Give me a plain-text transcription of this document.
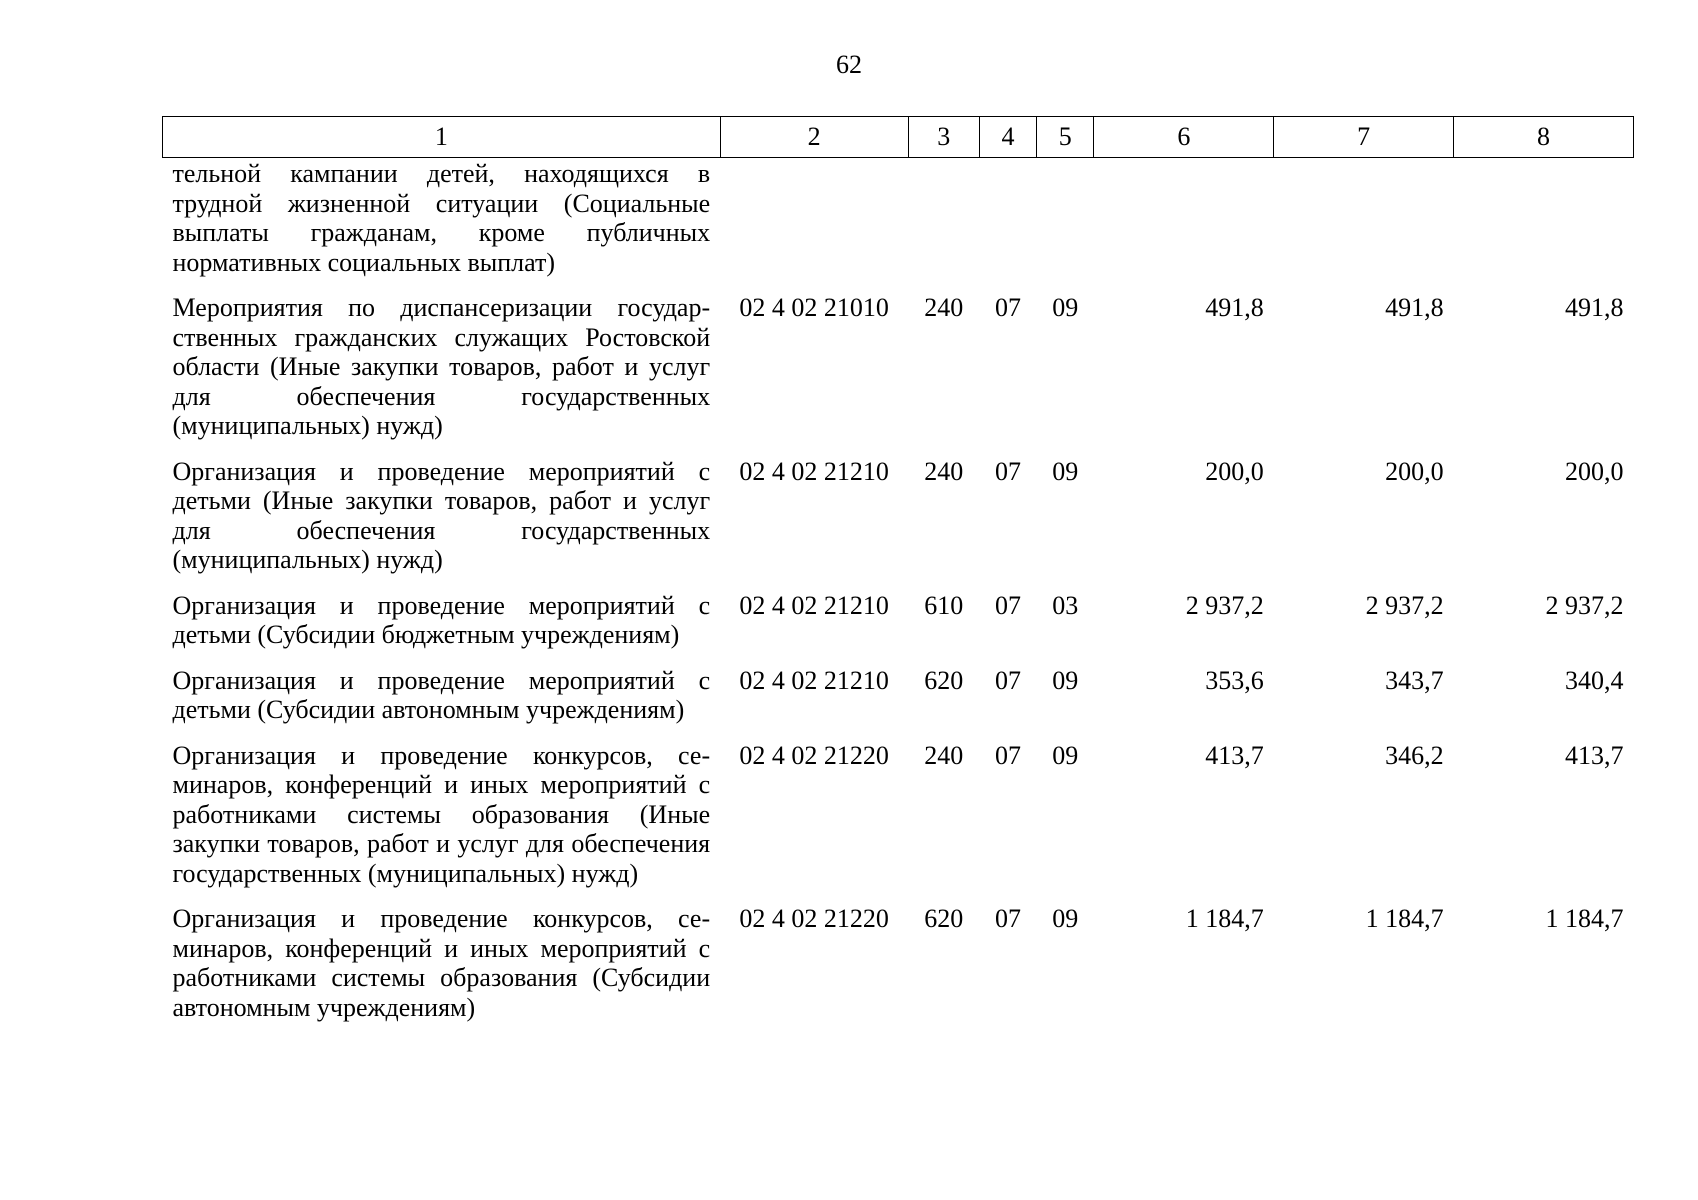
62
1	2	3	4	5	6	7	8
тельной кампании детей, находящихся в трудной жизненной ситуации (Социальные выплаты гражданам, кроме публичных нормативных социальных выплат)							
Мероприятия по диспансеризации государственных гражданских служащих Ростовской области (Иные закупки товаров, работ и услуг для обеспечения государственных (муниципальных) нужд)	02 4 02 21010	240	07	09	491,8	491,8	491,8
Организация и проведение мероприятий с детьми (Иные закупки товаров, работ и услуг для обеспечения государственных (муниципальных) нужд)	02 4 02 21210	240	07	09	200,0	200,0	200,0
Организация и проведение мероприятий с детьми (Субсидии бюджетным учреждениям)	02 4 02 21210	610	07	03	2 937,2	2 937,2	2 937,2
Организация и проведение мероприятий с детьми (Субсидии автономным учреждениям)	02 4 02 21210	620	07	09	353,6	343,7	340,4
Организация и проведение конкурсов, семинаров, конференций и иных мероприятий с работниками системы образования (Иные закупки товаров, работ и услуг для обеспечения государственных (муниципальных) нужд)	02 4 02 21220	240	07	09	413,7	346,2	413,7
Организация и проведение конкурсов, семинаров, конференций и иных мероприятий с работниками системы образования (Субсидии автономным учреждениям)	02 4 02 21220	620	07	09	1 184,7	1 184,7	1 184,7
